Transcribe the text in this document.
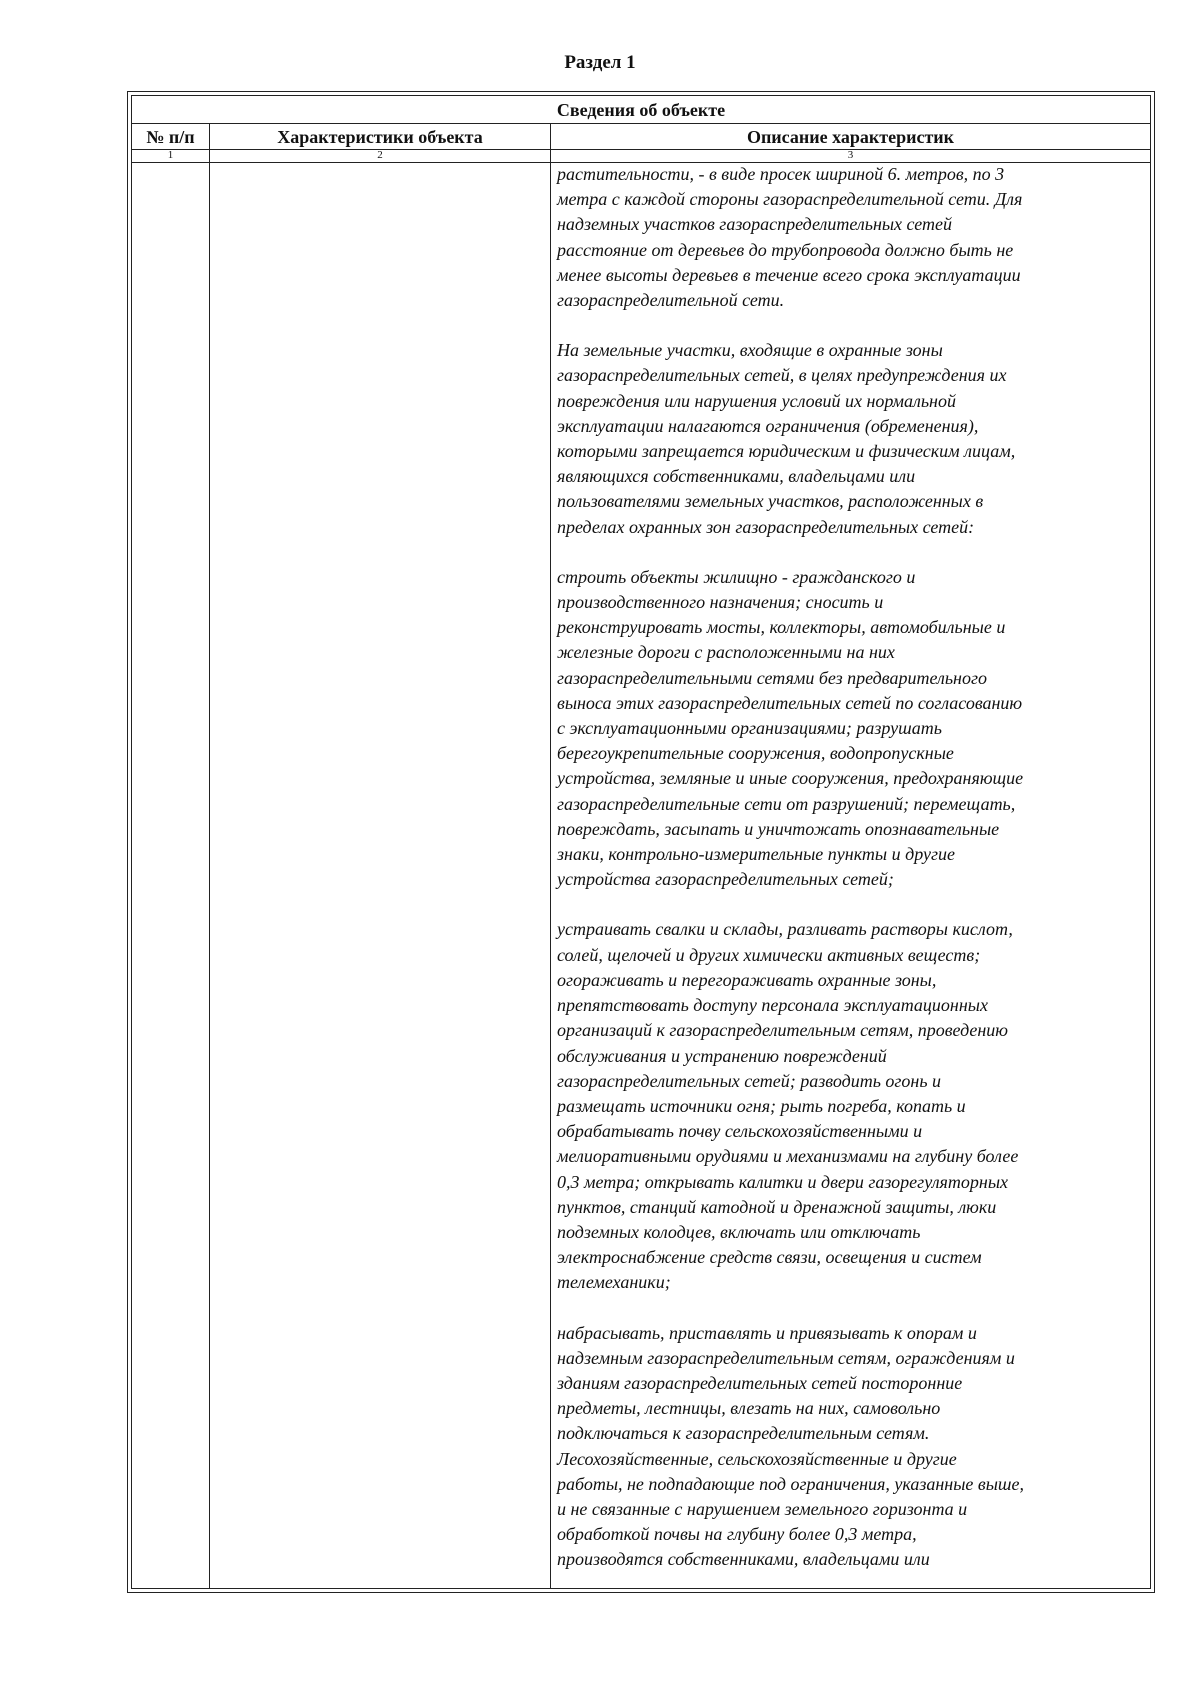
Раздел 1
Сведения об объекте
№ п/п	Характеристики объекта	Описание характеристик
1	2	3

растительности, - в виде просек шириной 6. метров, по 3
метра с каждой стороны газораспределительной сети. Для
надземных участков газораспределительных сетей
расстояние от деревьев до трубопровода должно быть не
менее высоты деревьев в течение всего срока эксплуатации
газораспределительной сети.

На земельные участки, входящие в охранные зоны
газораспределительных сетей, в целях предупреждения их
повреждения или нарушения условий их нормальной
эксплуатации налагаются ограничения (обременения),
которыми запрещается юридическим и физическим лицам,
являющихся собственниками, владельцами или
пользователями земельных участков, расположенных в
пределах охранных зон газораспределительных сетей:

строить объекты жилищно - гражданского и
производственного назначения; сносить и
реконструировать мосты, коллекторы, автомобильные и
железные дороги с расположенными на них
газораспределительными сетями без предварительного
выноса этих газораспределительных сетей по согласованию
с эксплуатационными организациями; разрушать
берегоукрепительные сооружения, водопропускные
устройства, земляные и иные сооружения, предохраняющие
газораспределительные сети от разрушений; перемещать,
повреждать, засыпать и уничтожать опознавательные
знаки, контрольно-измерительные пункты и другие
устройства газораспределительных сетей;

устраивать свалки и склады, разливать растворы кислот,
солей, щелочей и других химически активных веществ;
огораживать и перегораживать охранные зоны,
препятствовать доступу персонала эксплуатационных
организаций к газораспределительным сетям, проведению
обслуживания и устранению повреждений
газораспределительных сетей; разводить огонь и
размещать источники огня; рыть погреба, копать и
обрабатывать почву сельскохозяйственными и
мелиоративными орудиями и механизмами на глубину более
0,3 метра; открывать калитки и двери газорегуляторных
пунктов, станций катодной и дренажной защиты, люки
подземных колодцев, включать или отключать
электроснабжение средств связи, освещения и систем
телемеханики;

набрасывать, приставлять и привязывать к опорам и
надземным газораспределительным сетям, ограждениям и
зданиям газораспределительных сетей посторонние
предметы, лестницы, влезать на них, самовольно
подключаться к газораспределительным сетям.
Лесохозяйственные, сельскохозяйственные и другие
работы, не подпадающие под ограничения, указанные выше,
и не связанные с нарушением земельного горизонта и
обработкой почвы на глубину более 0,3 метра,
производятся собственниками, владельцами или
